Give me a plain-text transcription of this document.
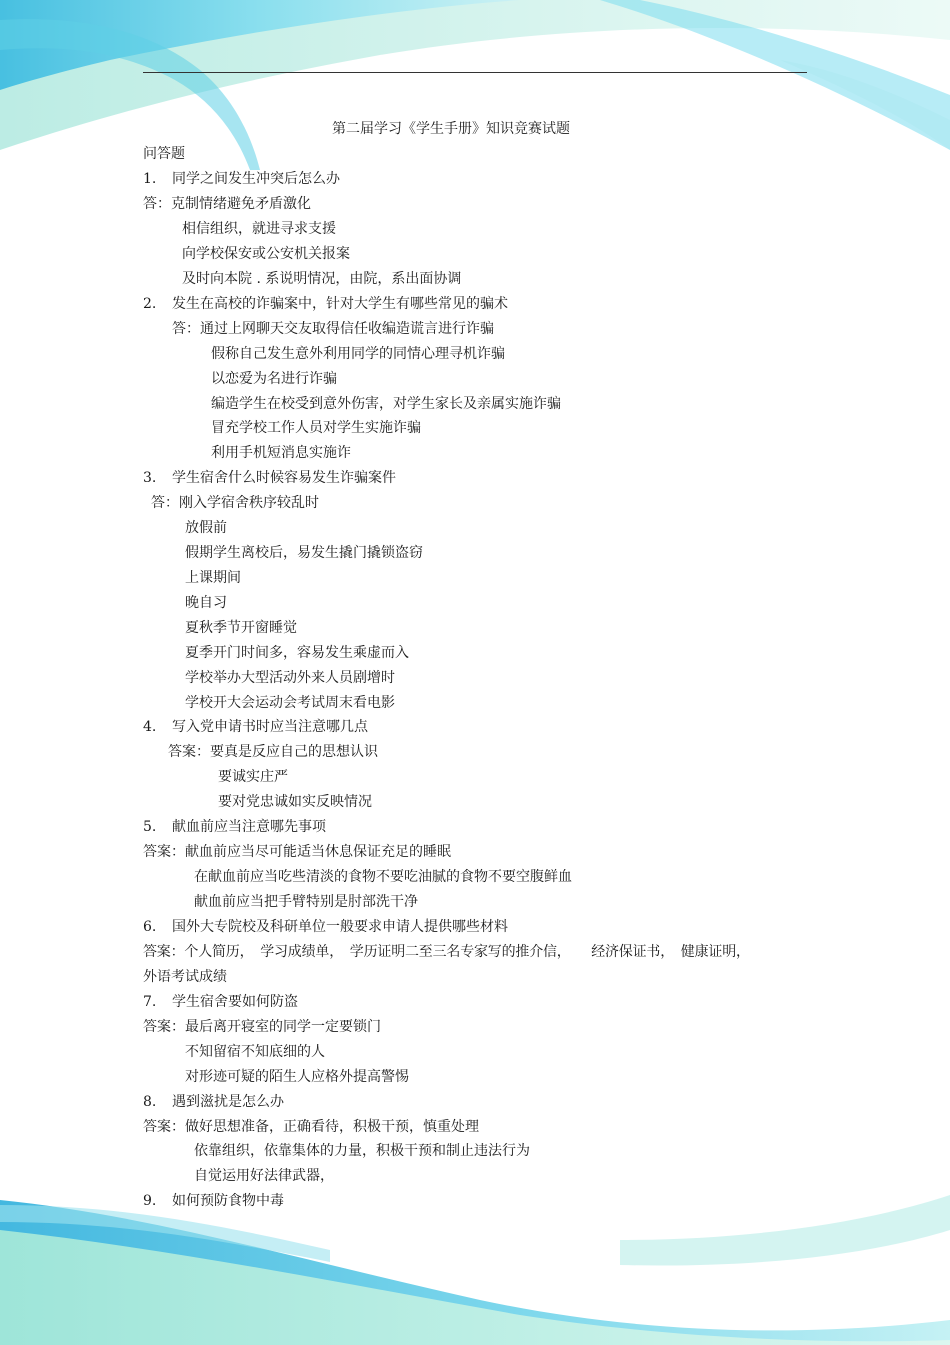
第二届学习《学生手册》知识竞赛试题
问答题
1. 同学之间发生冲突后怎么办
答：克制情绪避免矛盾激化
相信组织，就进寻求支援
向学校保安或公安机关报案
及时向本院 . 系说明情况，由院，系出面协调
2. 发生在高校的诈骗案中，针对大学生有哪些常见的骗术
答：通过上网聊天交友取得信任收编造谎言进行诈骗
假称自己发生意外利用同学的同情心理寻机诈骗
以恋爱为名进行诈骗
编造学生在校受到意外伤害，对学生家长及亲属实施诈骗
冒充学校工作人员对学生实施诈骗
利用手机短消息实施诈
3. 学生宿舍什么时候容易发生诈骗案件
答：刚入学宿舍秩序较乱时
放假前
假期学生离校后，易发生撬门撬锁盗窃
上课期间
晚自习
夏秋季节开窗睡觉
夏季开门时间多，容易发生乘虚而入
学校举办大型活动外来人员剧增时
学校开大会运动会考试周末看电影
4. 写入党申请书时应当注意哪几点
答案：要真是反应自己的思想认识
要诚实庄严
要对党忠诚如实反映情况
5. 献血前应当注意哪先事项
答案：献血前应当尽可能适当休息保证充足的睡眠
在献血前应当吃些清淡的食物不要吃油腻的食物不要空腹鲜血
献血前应当把手臂特别是肘部洗干净
6. 国外大专院校及科研单位一般要求申请人提供哪些材料
答案：个人简历，　学习成绩单，　学历证明二至三名专家写的推介信，　　经济保证书，　健康证明，
外语考试成绩
7. 学生宿舍要如何防盗
答案：最后离开寝室的同学一定要锁门
不知留宿不知底细的人
对形迹可疑的陌生人应格外提高警惕
8. 遇到滋扰是怎么办
答案：做好思想准备，正确看待，积极干预，慎重处理
依靠组织，依靠集体的力量，积极干预和制止违法行为
自觉运用好法律武器，
9. 如何预防食物中毒
